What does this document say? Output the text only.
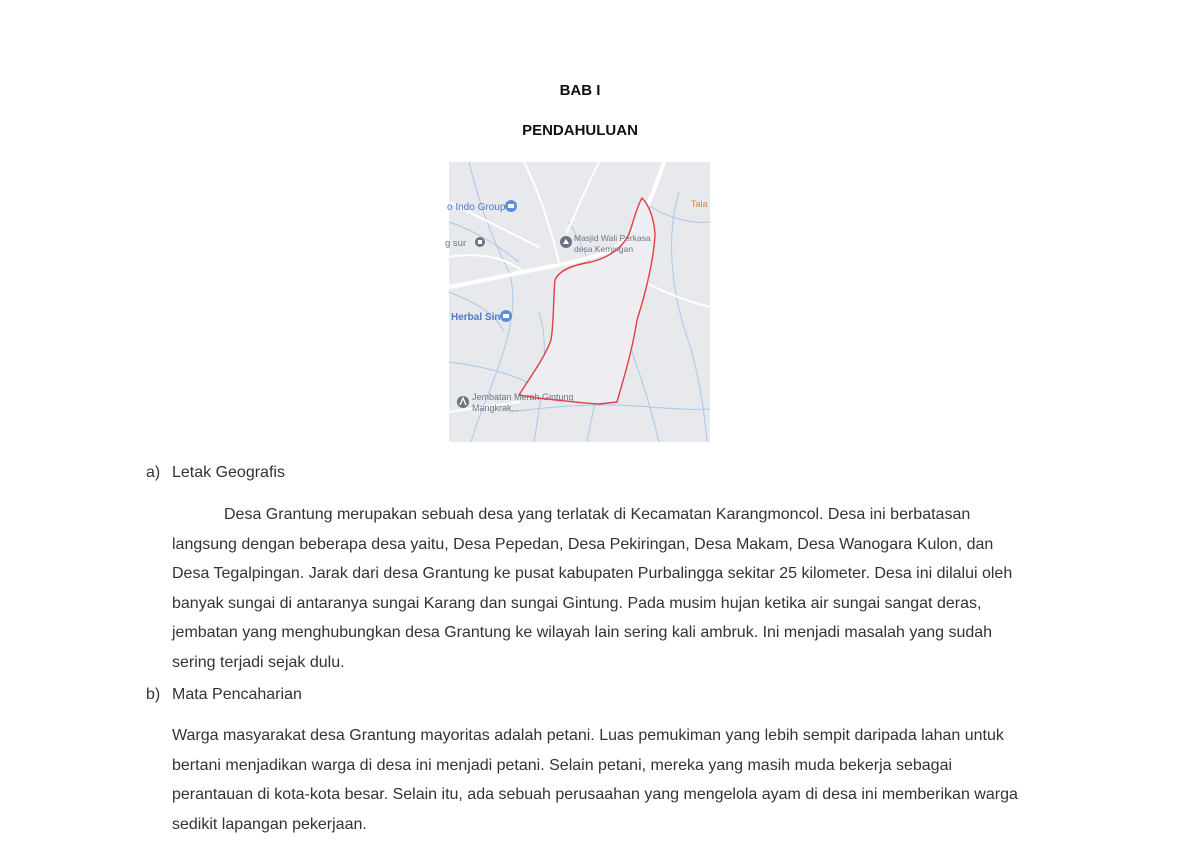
BAB I
PENDAHULUAN
o Indo Group
g sur	Masjid Wali Perkasa
desa Kemingan
Herbal Sin
Jembatan Merah Gintung
Mangkrak...
Tala
a) Letak Geografis

Desa Grantung merupakan sebuah desa yang terlatak di Kecamatan Karangmoncol. Desa ini berbatasan langsung dengan beberapa desa yaitu, Desa Pepedan, Desa Pekiringan, Desa Makam, Desa Wanogara Kulon, dan Desa Tegalpingan. Jarak dari desa Grantung ke pusat kabupaten Purbalingga sekitar 25 kilometer. Desa ini dilalui oleh banyak sungai di antaranya sungai Karang dan sungai Gintung. Pada musim hujan ketika air sungai sangat deras, jembatan yang menghubungkan desa Grantung ke wilayah lain sering kali ambruk. Ini menjadi masalah yang sudah sering terjadi sejak dulu.

b) Mata Pencaharian

Warga masyarakat desa Grantung mayoritas adalah petani. Luas pemukiman yang lebih sempit daripada lahan untuk bertani menjadikan warga di desa ini menjadi petani. Selain petani, mereka yang masih muda bekerja sebagai perantauan di kota-kota besar. Selain itu, ada sebuah perusaahan yang mengelola ayam di desa ini memberikan warga sedikit lapangan pekerjaan.
